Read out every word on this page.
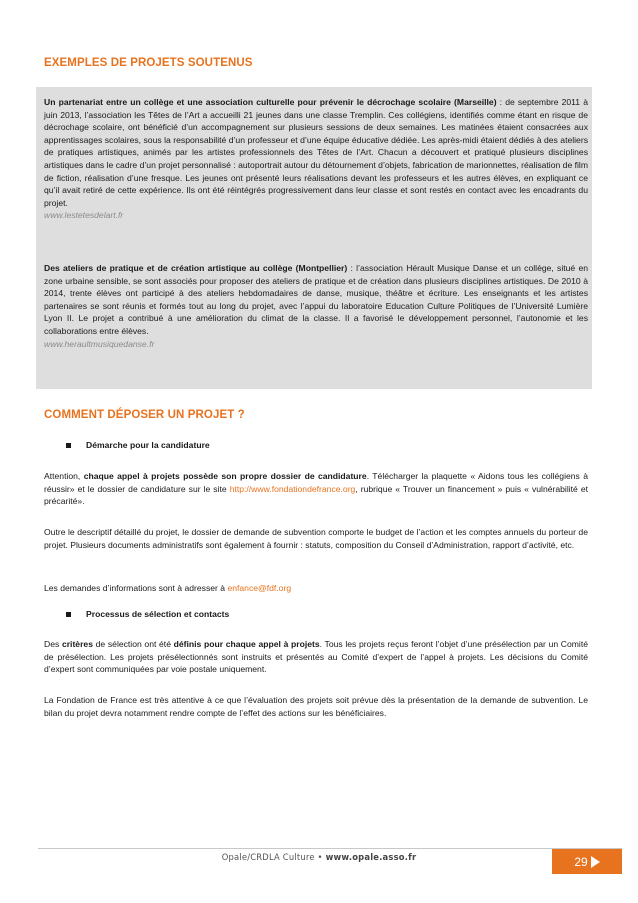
EXEMPLES DE PROJETS SOUTENUS
Un partenariat entre un collège et une association culturelle pour prévenir le décrochage scolaire (Marseille) : de septembre 2011 à juin 2013, l’association les Têtes de l’Art a accueilli 21 jeunes dans une classe Tremplin. Ces collégiens, identifiés comme étant en risque de décrochage scolaire, ont bénéficié d’un accompagnement sur plusieurs sessions de deux semaines. Les matinées étaient consacrées aux apprentissages scolaires, sous la responsabilité d’un professeur et d’une équipe éducative dédiée. Les après-midi étaient dédiés à des ateliers de pratiques artistiques, animés par les artistes professionnels des Têtes de l’Art. Chacun a découvert et pratiqué plusieurs disciplines artistiques dans le cadre d’un projet personnalisé : autoportrait autour du détournement d’objets, fabrication de marionnettes, réalisation de film de fiction, réalisation d’une fresque. Les jeunes ont présenté leurs réalisations devant les professeurs et les autres élèves, en expliquant ce qu’il avait retiré de cette expérience. Ils ont été réintégrés progressivement dans leur classe et sont restés en contact avec les encadrants du projet.
www.lestetesdelart.fr
Des ateliers de pratique et de création artistique au collège (Montpellier) : l’association Hérault Musique Danse et un collège, situé en zone urbaine sensible, se sont associés pour proposer des ateliers de pratique et de création dans plusieurs disciplines artistiques. De 2010 à 2014, trente élèves ont participé à des ateliers hebdomadaires de danse, musique, théâtre et écriture. Les enseignants et les artistes partenaires se sont réunis et formés tout au long du projet, avec l’appui du laboratoire Education Culture Politiques de l’Université Lumière Lyon II. Le projet a contribué à une amélioration du climat de la classe. Il a favorisé le développement personnel, l’autonomie et les collaborations entre élèves.
www.heraultmusiquedanse.fr
COMMENT DÉPOSER UN PROJET ?
Démarche pour la candidature
Attention, chaque appel à projets possède son propre dossier de candidature. Télécharger la plaquette « Aidons tous les collégiens à réussir» et le dossier de candidature sur le site http://www.fondationdefrance.org, rubrique « Trouver un financement » puis « vulnérabilité et précarité».
Outre le descriptif détaillé du projet, le dossier de demande de subvention comporte le budget de l’action et les comptes annuels du porteur de projet. Plusieurs documents administratifs sont également à fournir : statuts, composition du Conseil d’Administration, rapport d’activité, etc.
Les demandes d’informations sont à adresser à enfance@fdf.org
Processus de sélection et contacts
Des critères de sélection ont été définis pour chaque appel à projets. Tous les projets reçus feront l’objet d’une présélection par un Comité de présélection. Les projets présélectionnés sont instruits et présentés au Comité d’expert de l’appel à projets. Les décisions du Comité d’expert sont communiquées par voie postale uniquement.
La Fondation de France est très attentive à ce que l’évaluation des projets soit prévue dès la présentation de la demande de subvention. Le bilan du projet devra notamment rendre compte de l’effet des actions sur les bénéficiaires.
Opale/CRDLA Culture • www.opale.asso.fr	29
